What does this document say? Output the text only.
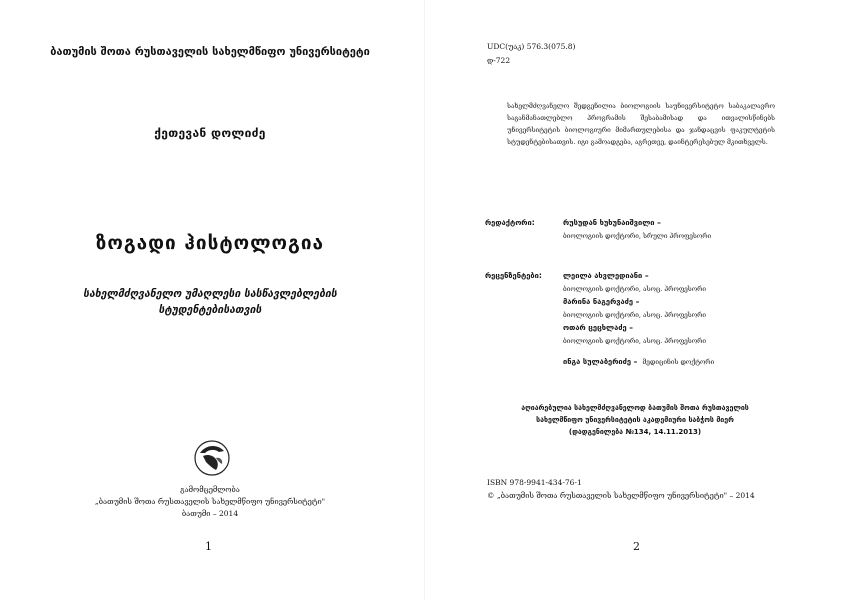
ბათუმის შოთა რუსთაველის სახელმწიფო უნივერსიტეტი
ქეთევან დოლიძე
ზოგადი ჰისტოლოგია
სახელმძღვანელო უმაღლესი სასწავლებლების სტუდენტებისათვის
გამომცემლობა
„ბათუმის შოთა რუსთაველის სახელმწიფო უნივერსიტეტი"
ბათუმი – 2014
1
UDC(უაკ) 576.3(075.8)
დ-722
სახელმძღვანელო შედგენილია ბიოლოგიის საუნივერსიტეტო საბაკალავრო საგანმანათლებლო პროგრამის შესაბამისად და ითვალისწინებს უნივერსიტეტის ბიოლოგიური მიმართულებისა და ჯანდაცვის ფაკულტეტის სტუდენტებისათვის. იგი გამოადგება, აგრეთვე, დაინტერესებულ მკითხველს.
რედაქტორი:	რუსუდან ხუხუნაიშვილი –
ბიოლოგიის დოქტორი, სრული პროფესორი
რეცენზენტები:	ლეილა ახვლედიანი –
ბიოლოგიის დოქტორი, ასოც. პროფესორი
მარინა ნაგერვაძე –
ბიოლოგიის დოქტორი, ასოც. პროფესორი
ოთარ ცეცხლაძე –
ბიოლოგიის დოქტორი, ასოც. პროფესორი
ინგა სულაბერიძე – მედიცინის დოქტორი
აღიარებულია სახელმძღვანელოდ ბათუმის შოთა რუსთაველის
სახელმწიფო უნივერსიტეტის აკადემიური საბჭოს მიერ
(დადგენილება №134, 14.11.2013)
ISBN 978-9941-434-76-1
© „ბათუმის შოთა რუსთაველის სახელმწიფო უნივერსიტეტი" – 2014
2
